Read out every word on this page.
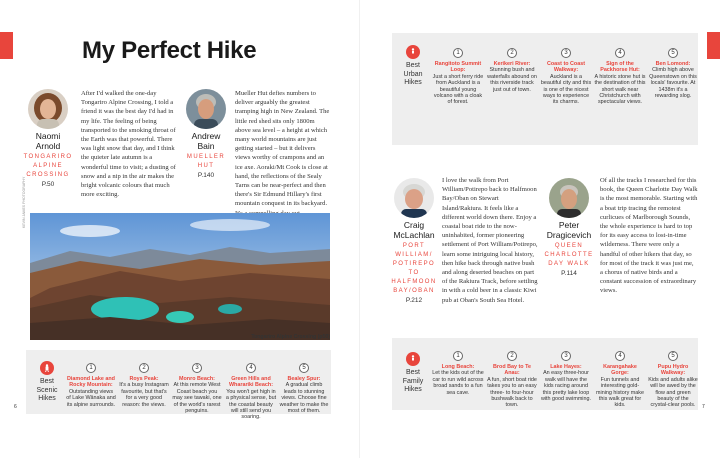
My Perfect Hike
Naomi
Arnold
TONGARIRO
ALPINE
CROSSING
P.50
After I'd walked the one-day Tongariro Alpine Crossing, I told a friend it was the best day I'd had in my life. The feeling of being transported to the smoking throat of the Earth was that powerful. There was light snow that day, and I think the quieter late autumn is a wonderful time to visit; a dusting of snow and a nip in the air makes the bright volcanic colours that much more exciting.
Andrew
Bain
MUELLER
HUT
P.140
Mueller Hut defies numbers to deliver arguably the greatest tramping high in New Zealand. The little red shed sits only 1800m above sea level – a height at which many world mountains are just getting started – but it delivers views worthy of crampons and an ice axe. Aoraki/Mt Cook is close at hand, the reflections of the Sealy Tarns can be near-perfect and then there's Sir Edmund Hillary's first mountain conquest in its backyard.
KEVIN JAMES PHOTOGRAPHY
Tongariro Alpine Crossing (p50)
Best
Scenic
Hikes
1
Diamond Lake and Rocky Mountain:
Outstanding views of Lake Wānaka and its alpine surrounds.
2
Roys Peak:
It's a busy Instagram favourite, but that's for a very good reason: the views.
3
Monro Beach:
At this remote West Coast beach you may see tawaki, one of the world's rarest penguins.
4
Green Hills and Wharariki Beach:
You won't get high in a physical sense, but the coastal beauty will still send you soaring.
5
Bealey Spur:
A gradual climb leads to stunning views. Choose fine weather to make the most of them.
6
Best
Urban
Hikes
1
Rangitoto Summit Loop:
Just a short ferry ride from Auckland is a beautiful young volcano with a cloak of forest.
2
Kerikeri River:
Stunning bush and waterfalls abound on this riverside track just out of town.
3
Coast to Coast Walkway:
Auckland is a beautiful city and this is one of the nicest ways to experience its charms.
4
Sign of the Packhorse Hut:
A historic stone hut is the destination of this short walk near Christchurch with spectacular views.
5
Ben Lomond:
Climb high above Queenstown on this locals' favourite. At 1438m it's a rewarding slog.
Craig
McLachlan
PORT
WILLIAM/
POTIREPO
TO
HALFMOON
BAY/OBAN
P.212
I love the walk from Port William/Potirepo back to Halfmoon Bay/Oban on Stewart Island/Rakiura. It feels like a different world down there. Enjoy a coastal boat ride to the now-uninhabited, former pioneering settlement of Port William/Potirepo, learn some intriguing local history, then hike back through native bush and along deserted beaches on part of the Rakiura Track, before settling in with a cold beer in a classic Kiwi pub at Oban's South Sea Hotel.
Peter
Dragicevich
QUEEN
CHARLOTTE
DAY WALK
P.114
Of all the tracks I researched for this book, the Queen Charlotte Day Walk is the most memorable. Starting with a boat trip tracing the remotest curlicues of Marlborough Sounds, the whole experience is hard to top for its easy access to lost-in-time wilderness. There were only a handful of other hikers that day, so for most of the track it was just me, a chorus of native birds and a constant succession of extraordinary views.
Best
Family
Hikes
1
Long Beach:
Let the kids out of the car to run wild across broad sands to a fun sea cave.
2
Brod Bay to Te Anau:
A fun, short boat ride takes you to an easy three- to four-hour bushwalk back to town.
3
Lake Hayes:
An easy three-hour walk will have the kids racing around this pretty lake loop with good swimming.
4
Karangahake Gorge:
Fun tunnels and interesting gold-mining history make this walk great for kids.
5
Pupu Hydro Walkway:
Kids and adults alike will be awed by the flow and green beauty of the crystal-clear pools.	7
